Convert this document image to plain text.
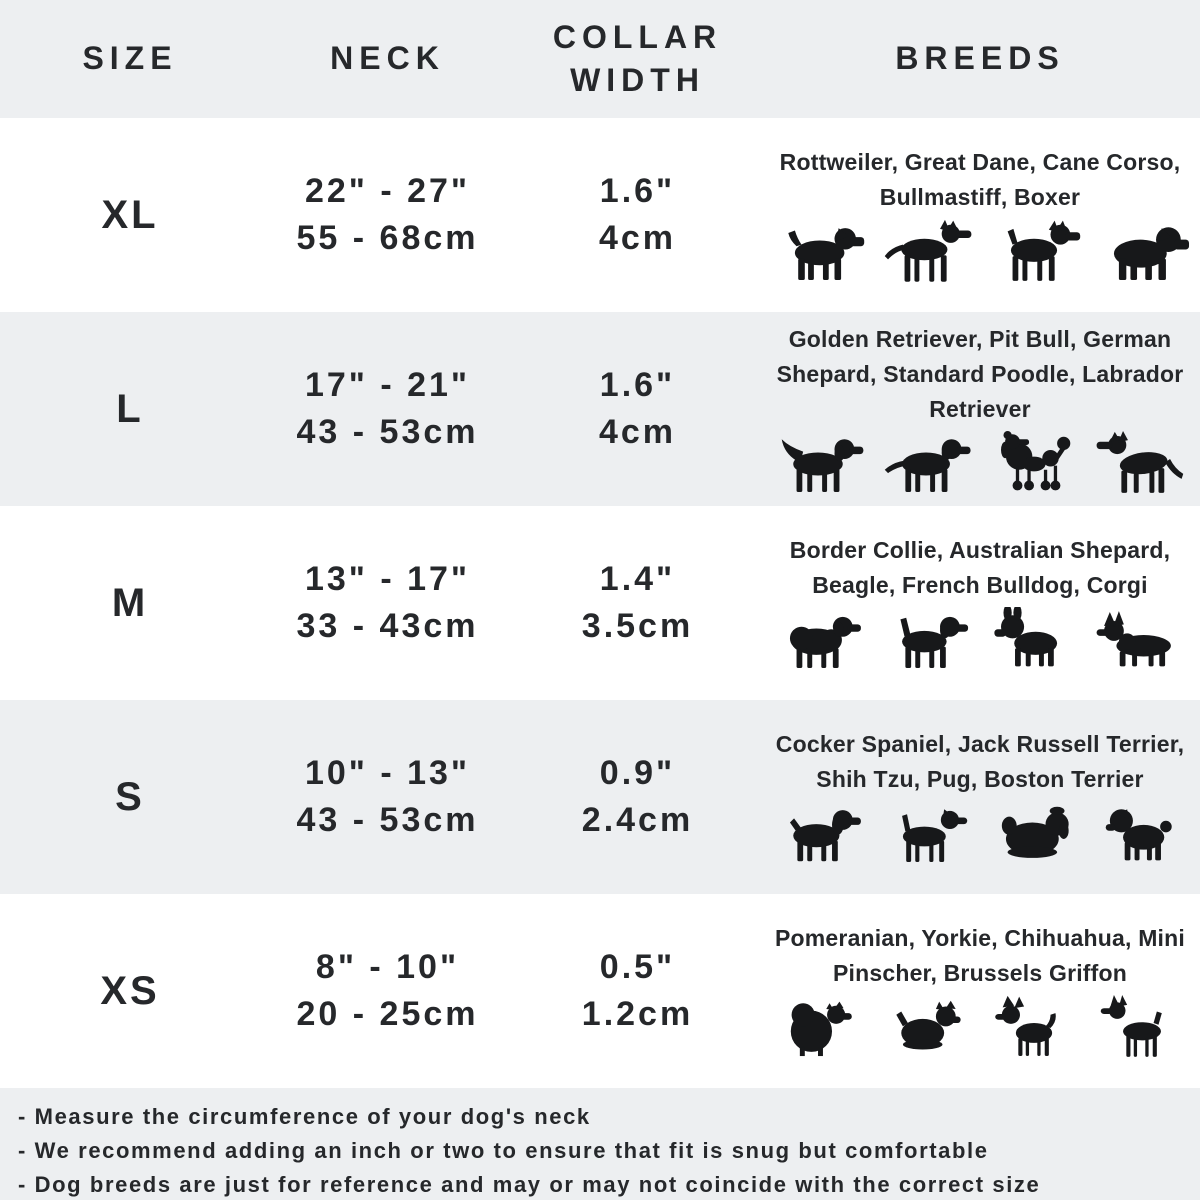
SIZE	NECK
COLLAR WIDTH
BREEDS
XL
22" - 27"
55 - 68cm
1.6"
4cm
Rottweiler, Great Dane, Cane Corso, Bullmastiff, Boxer
L
17" - 21"
43 - 53cm
1.6"
4cm
Golden Retriever, Pit Bull, German Shepard, Standard Poodle, Labrador Retriever
M
13" - 17"
33 - 43cm
1.4"
3.5cm
Border Collie, Australian Shepard, Beagle, French Bulldog, Corgi
S
10" - 13"
43 - 53cm
0.9"
2.4cm
Cocker Spaniel, Jack Russell Terrier, Shih Tzu, Pug, Boston Terrier
XS
8" - 10"
20 - 25cm
0.5"
1.2cm
Pomeranian, Yorkie, Chihuahua, Mini Pinscher, Brussels Griffon
- Measure the circumference of your dog's neck
- We recommend adding an inch or two to ensure that fit is snug but comfortable
- Dog breeds are just for reference and may or may not coincide with the correct size
